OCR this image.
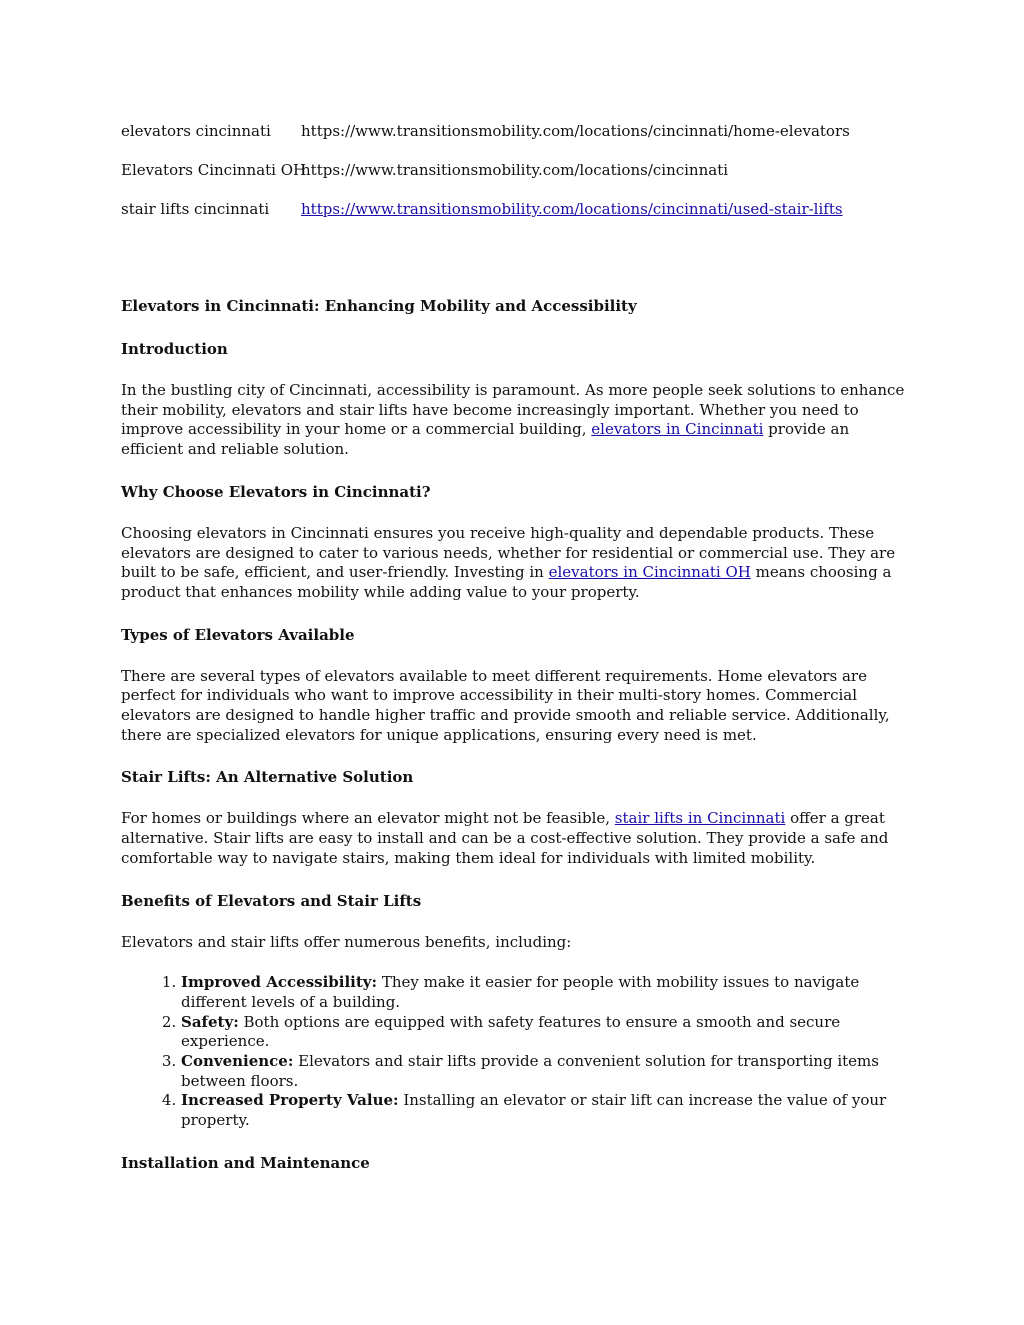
elevators cincinnati	https://www.transitionsmobility.com/locations/cincinnati/home-elevators
Elevators Cincinnati OH
https://www.transitionsmobility.com/locations/cincinnati
stair lifts cincinnati	https://www.transitionsmobility.com/locations/cincinnati/used-stair-lifts
Elevators in Cincinnati: Enhancing Mobility and Accessibility
Introduction

In the bustling city of Cincinnati, accessibility is paramount. As more people seek solutions to enhance their mobility, elevators and stair lifts have become increasingly important. Whether you need to improve accessibility in your home or a commercial building, elevators in Cincinnati provide an efficient and reliable solution.

Why Choose Elevators in Cincinnati?

Choosing elevators in Cincinnati ensures you receive high-quality and dependable products. These elevators are designed to cater to various needs, whether for residential or commercial use. They are built to be safe, efficient, and user-friendly. Investing in elevators in Cincinnati OH means choosing a product that enhances mobility while adding value to your property.

Types of Elevators Available

There are several types of elevators available to meet different requirements. Home elevators are perfect for individuals who want to improve accessibility in their multi-story homes. Commercial elevators are designed to handle higher traffic and provide smooth and reliable service. Additionally, there are specialized elevators for unique applications, ensuring every need is met.

Stair Lifts: An Alternative Solution

For homes or buildings where an elevator might not be feasible, stair lifts in Cincinnati offer a great alternative. Stair lifts are easy to install and can be a cost-effective solution. They provide a safe and comfortable way to navigate stairs, making them ideal for individuals with limited mobility.

Benefits of Elevators and Stair Lifts

Elevators and stair lifts offer numerous benefits, including:

1. Improved Accessibility: They make it easier for people with mobility issues to navigate different levels of a building.
2. Safety: Both options are equipped with safety features to ensure a smooth and secure experience.
3. Convenience: Elevators and stair lifts provide a convenient solution for transporting items between floors.
4. Increased Property Value: Installing an elevator or stair lift can increase the value of your property.
Installation and Maintenance
